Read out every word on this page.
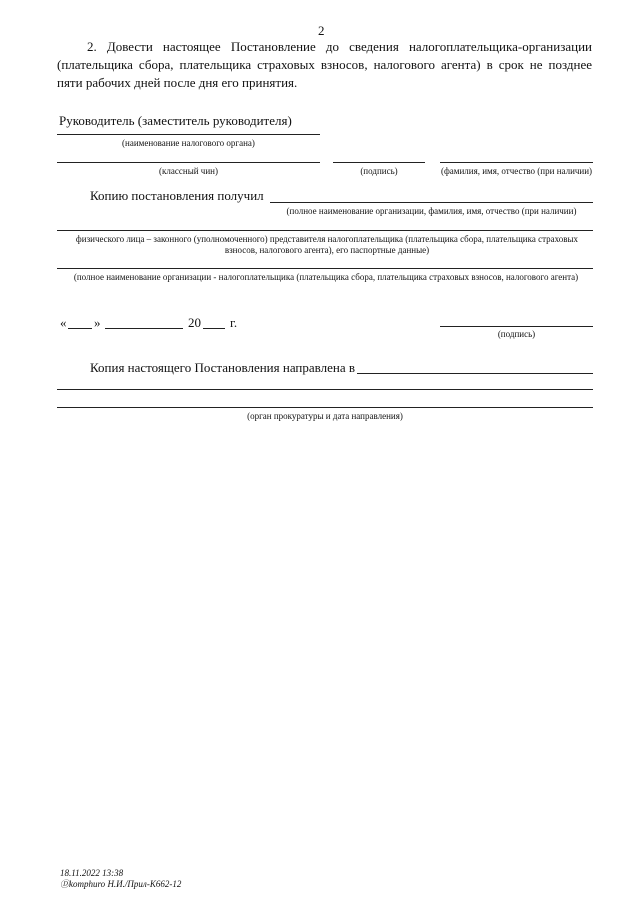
2
2. Довести настоящее Постановление до сведения налогоплательщика-организации (плательщика сбора, плательщика страховых взносов, налогового агента) в срок не позднее пяти рабочих дней после дня его принятия.
Руководитель (заместитель руководителя)
(наименование налогового органа)
(классный чин)	(подпись)	(фамилия, имя, отчество (при наличии)
Копию постановления получил
(полное наименование организации, фамилия, имя, отчество (при наличии)
физического лица – законного (уполномоченного) представителя налогоплательщика (плательщика сбора, плательщика страховых взносов, налогового агента), его паспортные данные)
(полное наименование организации - налогоплательщика (плательщика сбора, плательщика страховых взносов, налогового агента)
« »	20 г.
(подпись)
Копия настоящего Постановления направлена в
(орган прокуратуры и дата направления)
18.11.2022 13:38
Ⓓkomphuro Н.И./Прил-К662-12
